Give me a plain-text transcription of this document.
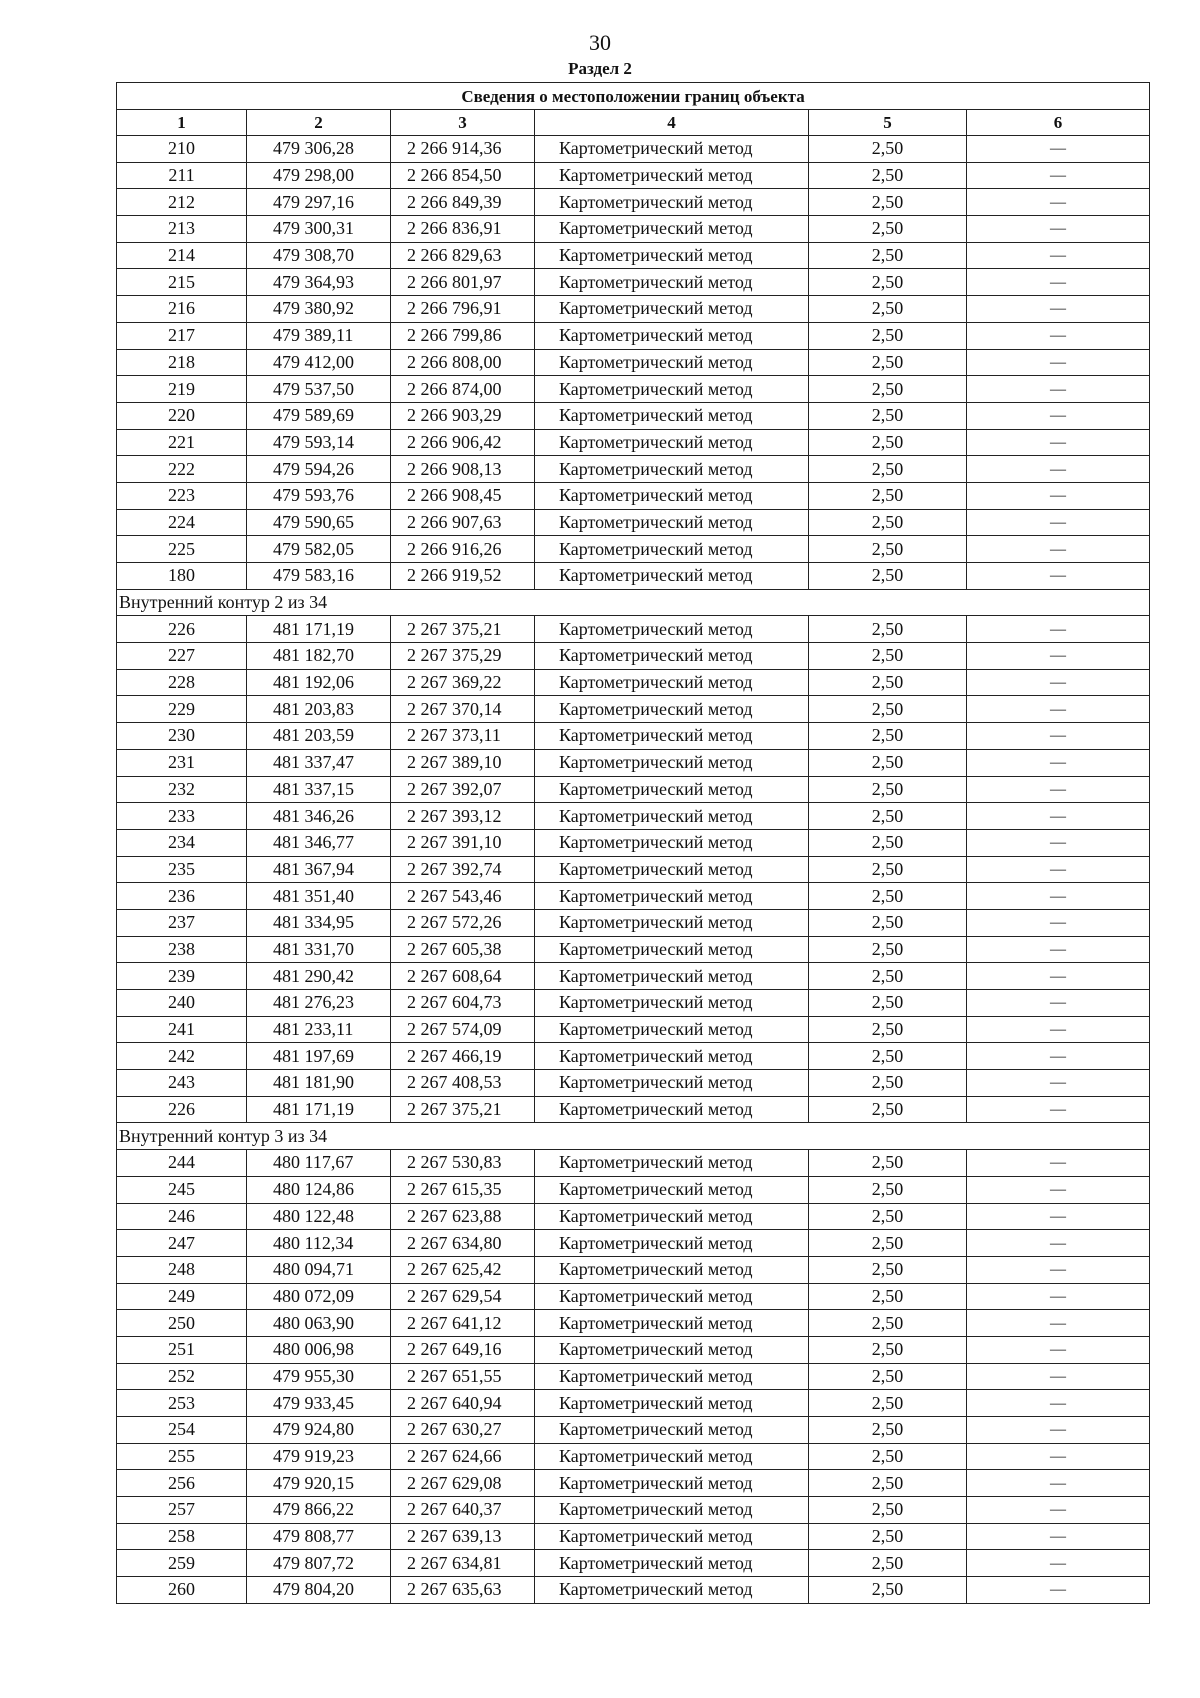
30
Раздел 2
Сведения о местоположении границ объекта					
1	2	3	4	5	6
210	479 306,28	2 266 914,36	Картометрический метод	2,50	—
211	479 298,00	2 266 854,50	Картометрический метод	2,50	—
212	479 297,16	2 266 849,39	Картометрический метод	2,50	—
213	479 300,31	2 266 836,91	Картометрический метод	2,50	—
214	479 308,70	2 266 829,63	Картометрический метод	2,50	—
215	479 364,93	2 266 801,97	Картометрический метод	2,50	—
216	479 380,92	2 266 796,91	Картометрический метод	2,50	—
217	479 389,11	2 266 799,86	Картометрический метод	2,50	—
218	479 412,00	2 266 808,00	Картометрический метод	2,50	—
219	479 537,50	2 266 874,00	Картометрический метод	2,50	—
220	479 589,69	2 266 903,29	Картометрический метод	2,50	—
221	479 593,14	2 266 906,42	Картометрический метод	2,50	—
222	479 594,26	2 266 908,13	Картометрический метод	2,50	—
223	479 593,76	2 266 908,45	Картометрический метод	2,50	—
224	479 590,65	2 266 907,63	Картометрический метод	2,50	—
225	479 582,05	2 266 916,26	Картометрический метод	2,50	—
180	479 583,16	2 266 919,52	Картометрический метод	2,50	—
Внутренний контур 2 из 34					
226	481 171,19	2 267 375,21	Картометрический метод	2,50	—
227	481 182,70	2 267 375,29	Картометрический метод	2,50	—
228	481 192,06	2 267 369,22	Картометрический метод	2,50	—
229	481 203,83	2 267 370,14	Картометрический метод	2,50	—
230	481 203,59	2 267 373,11	Картометрический метод	2,50	—
231	481 337,47	2 267 389,10	Картометрический метод	2,50	—
232	481 337,15	2 267 392,07	Картометрический метод	2,50	—
233	481 346,26	2 267 393,12	Картометрический метод	2,50	—
234	481 346,77	2 267 391,10	Картометрический метод	2,50	—
235	481 367,94	2 267 392,74	Картометрический метод	2,50	—
236	481 351,40	2 267 543,46	Картометрический метод	2,50	—
237	481 334,95	2 267 572,26	Картометрический метод	2,50	—
238	481 331,70	2 267 605,38	Картометрический метод	2,50	—
239	481 290,42	2 267 608,64	Картометрический метод	2,50	—
240	481 276,23	2 267 604,73	Картометрический метод	2,50	—
241	481 233,11	2 267 574,09	Картометрический метод	2,50	—
242	481 197,69	2 267 466,19	Картометрический метод	2,50	—
243	481 181,90	2 267 408,53	Картометрический метод	2,50	—
226	481 171,19	2 267 375,21	Картометрический метод	2,50	—
Внутренний контур 3 из 34					
244	480 117,67	2 267 530,83	Картометрический метод	2,50	—
245	480 124,86	2 267 615,35	Картометрический метод	2,50	—
246	480 122,48	2 267 623,88	Картометрический метод	2,50	—
247	480 112,34	2 267 634,80	Картометрический метод	2,50	—
248	480 094,71	2 267 625,42	Картометрический метод	2,50	—
249	480 072,09	2 267 629,54	Картометрический метод	2,50	—
250	480 063,90	2 267 641,12	Картометрический метод	2,50	—
251	480 006,98	2 267 649,16	Картометрический метод	2,50	—
252	479 955,30	2 267 651,55	Картометрический метод	2,50	—
253	479 933,45	2 267 640,94	Картометрический метод	2,50	—
254	479 924,80	2 267 630,27	Картометрический метод	2,50	—
255	479 919,23	2 267 624,66	Картометрический метод	2,50	—
256	479 920,15	2 267 629,08	Картометрический метод	2,50	—
257	479 866,22	2 267 640,37	Картометрический метод	2,50	—
258	479 808,77	2 267 639,13	Картометрический метод	2,50	—
259	479 807,72	2 267 634,81	Картометрический метод	2,50	—
260	479 804,20	2 267 635,63	Картометрический метод	2,50	—
